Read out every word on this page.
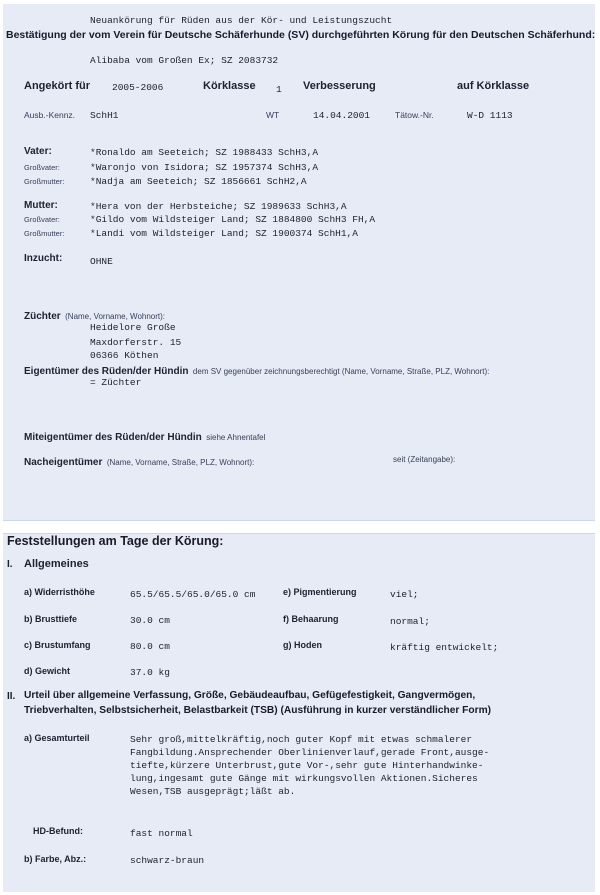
Neuankörung für Rüden aus der Kör- und Leistungszucht
Bestätigung der vom Verein für Deutsche Schäferhunde (SV) durchgeführten Körung für den Deutschen Schäferhund:
Alibaba vom Großen Ex; SZ 2083732
Angekört für 2005-2006	Körklasse 1 Verbesserung	auf Körklasse
Ausb.-Kennz. SchH1	WT	14.04.2001	Tätow.-Nr.	W-D 1113
Vater:	*Ronaldo am Seeteich; SZ 1988433 SchH3,A
Großvater:	*Waronjo von Isidora; SZ 1957374 SchH3,A
Großmutter:	*Nadja am Seeteich; SZ 1856661 SchH2,A
Mutter:	*Hera von der Herbsteiche; SZ 1989633 SchH3,A
Großvater:	*Gildo vom Wildsteiger Land; SZ 1884800 SchH3 FH,A
Großmutter:	*Landi vom Wildsteiger Land; SZ 1900374 SchH1,A
Inzucht:	OHNE
Züchter (Name, Vorname, Wohnort):
Heidelore Große
Maxdorferstr. 15
06366 Köthen
Eigentümer des Rüden/der Hündin dem SV gegenüber zeichnungsberechtigt (Name, Vorname, Straße, PLZ, Wohnort):
= Züchter
Miteigentümer des Rüden/der Hündin siehe Ahnentafel
Nacheigentümer (Name, Vorname, Straße, PLZ, Wohnort):	seit (Zeitangabe):
Feststellungen am Tage der Körung:
I. Allgemeines
a) Widerristhöhe	65.5/65.5/65.0/65.0 cm	e) Pigmentierung	viel;
b) Brusttiefe	30.0 cm	f) Behaarung	normal;
c) Brustumfang	80.0 cm	g) Hoden	kräftig entwickelt;
d) Gewicht	37.0 kg
II. Urteil über allgemeine Verfassung, Größe, Gebäudeaufbau, Gefügefestigkeit, Gangvermögen,
Triebverhalten, Selbstsicherheit, Belastbarkeit (TSB) (Ausführung in kurzer verständlicher Form)
a) Gesamturteil	Sehr groß,mittelkräftig,noch guter Kopf mit etwas schmalerer
Fangbildung.Ansprechender Oberlinienverlauf,gerade Front,ausge-
tiefte,kürzere Unterbrust,gute Vor-,sehr gute Hinterhandwinke-
lung,ingesamt gute Gänge mit wirkungsvollen Aktionen.Sicheres
Wesen,TSB ausgeprägt;läßt ab.
HD-Befund:	fast normal
b) Farbe, Abz.:	schwarz-braun
